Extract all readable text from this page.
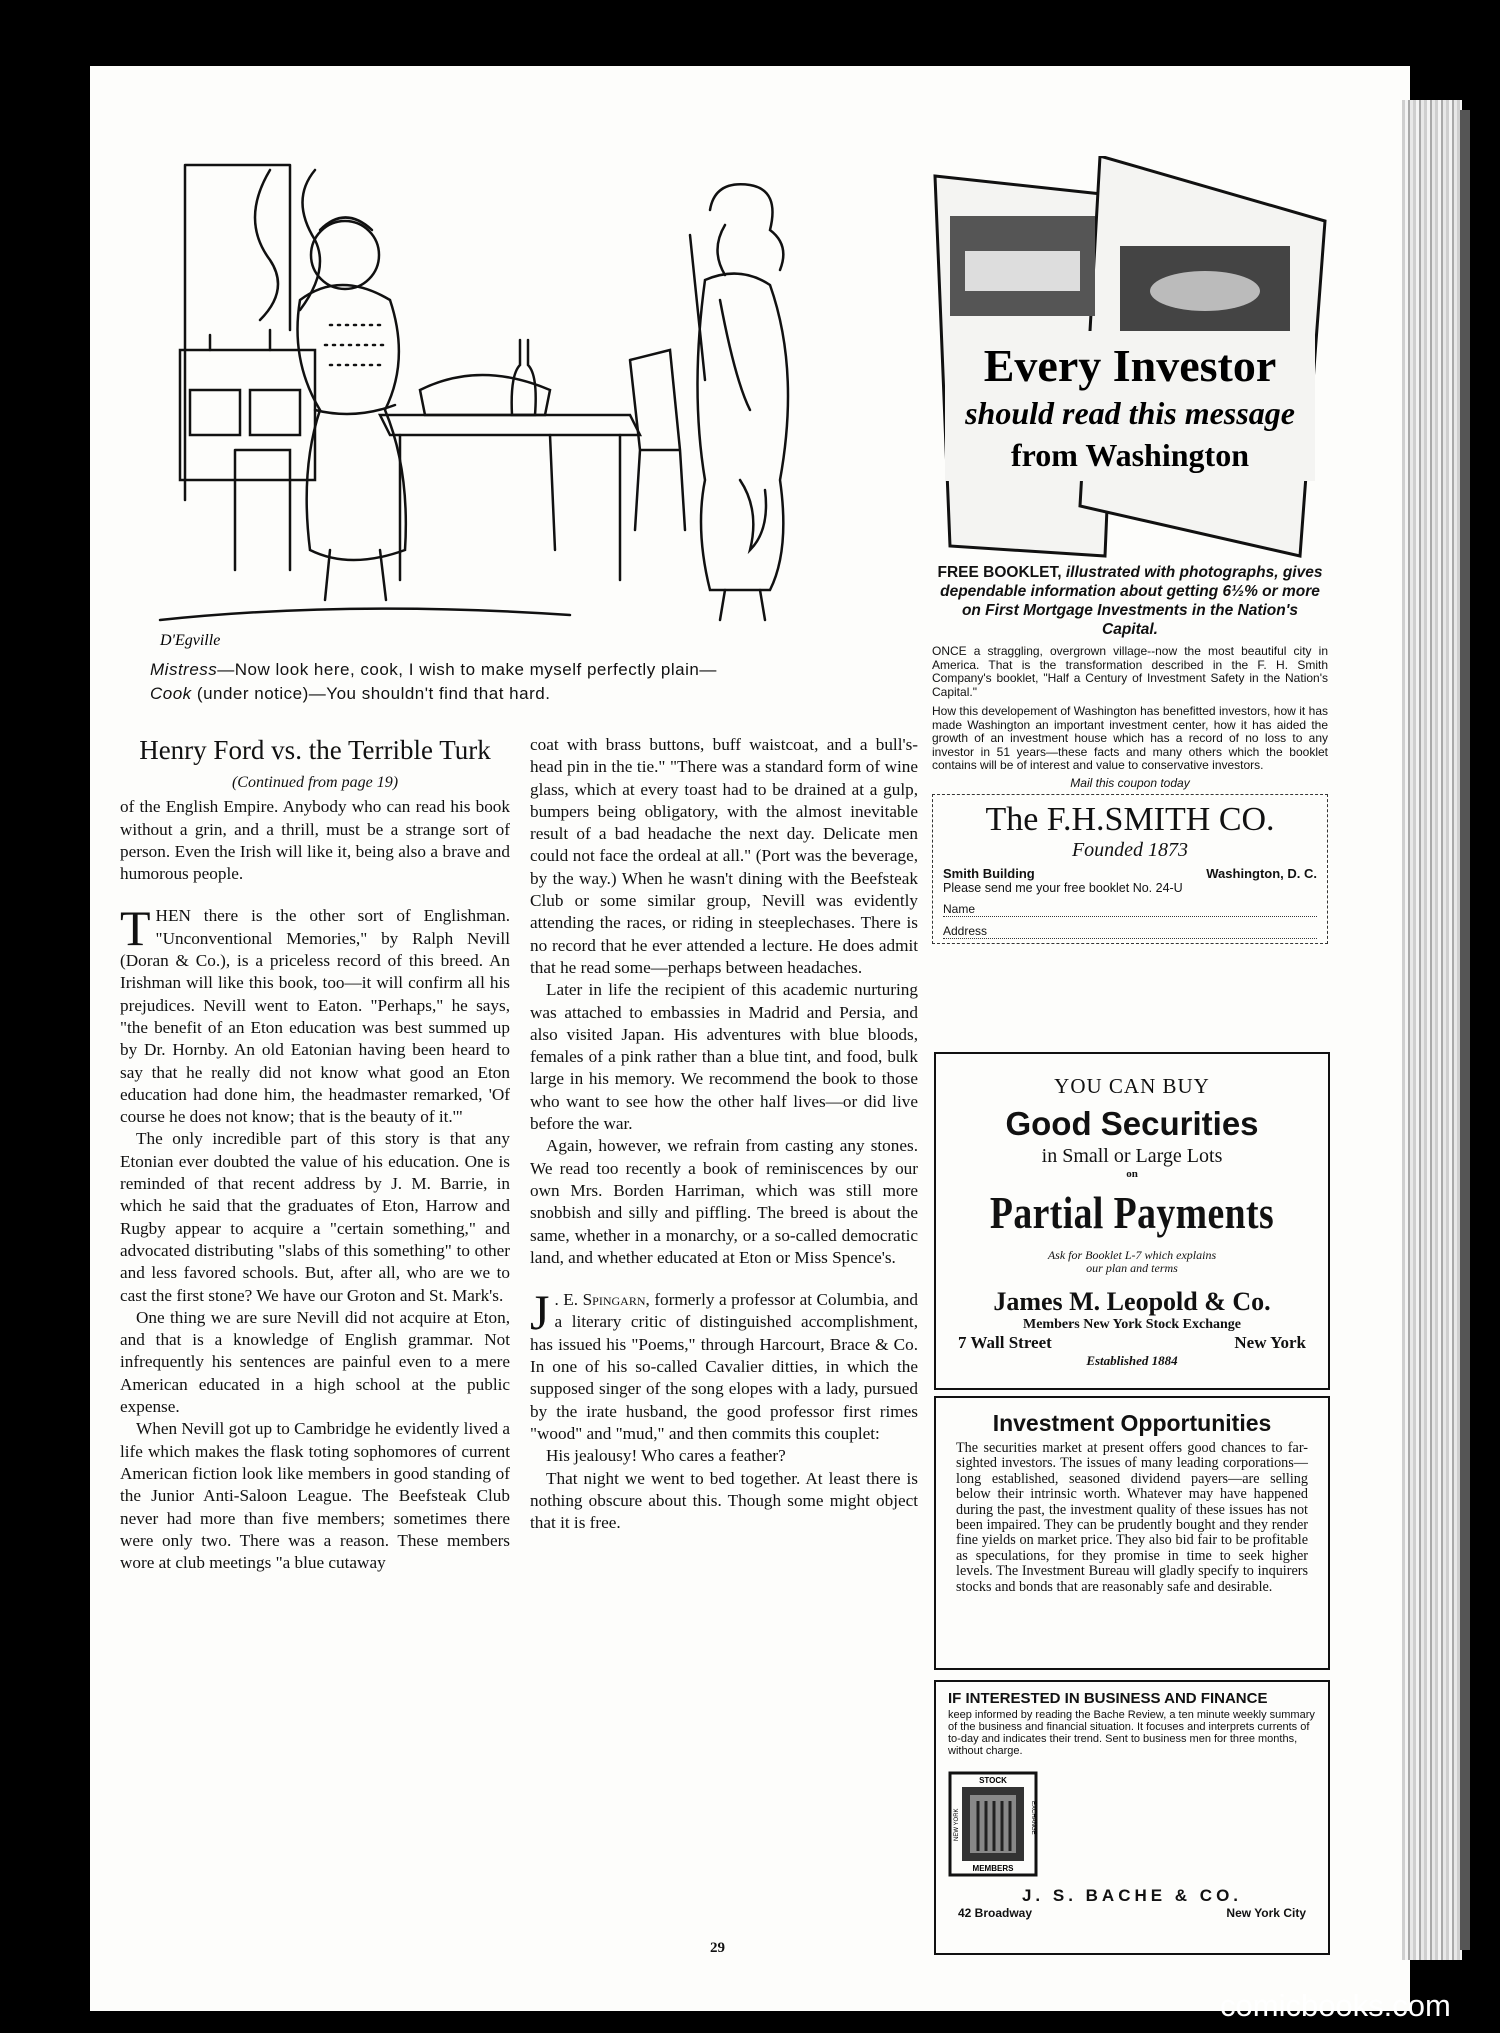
D'Egville
Mistress—Now look here, cook, I wish to make myself perfectly plain—
Cook (under notice)—You shouldn't find that hard.
Henry Ford vs. the Terrible Turk
(Continued from page 19)

of the English Empire. Anybody who can read his book without a grin, and a thrill, must be a strange sort of person. Even the Irish will like it, being also a brave and humorous people.

THEN there is the other sort of Englishman. "Unconventional Memories," by Ralph Nevill (Doran & Co.), is a priceless record of this breed. An Irishman will like this book, too—it will confirm all his prejudices. Nevill went to Eaton. "Perhaps," he says, "the benefit of an Eton education was best summed up by Dr. Hornby. An old Eatonian having been heard to say that he really did not know what good an Eton education had done him, the headmaster remarked, 'Of course he does not know; that is the beauty of it.'"

The only incredible part of this story is that any Etonian ever doubted the value of his education. One is reminded of that recent address by J. M. Barrie, in which he said that the graduates of Eton, Harrow and Rugby appear to acquire a "certain something," and advocated distributing "slabs of this something" to other and less favored schools. But, after all, who are we to cast the first stone? We have our Groton and St. Mark's.

One thing we are sure Nevill did not acquire at Eton, and that is a knowledge of English grammar. Not infrequently his sentences are painful even to a mere American educated in a high school at the public expense.

When Nevill got up to Cambridge he evidently lived a life which makes the flask toting sophomores of current American fiction look like members in good standing of the Junior Anti-Saloon League. The Beefsteak Club never had more than five members; sometimes there were only two. There was a reason. These members wore at club meetings "a blue cutaway

coat with brass buttons, buff waistcoat, and a bull's-head pin in the tie." "There was a standard form of wine glass, which at every toast had to be drained at a gulp, bumpers being obligatory, with the almost inevitable result of a bad headache the next day. Delicate men could not face the ordeal at all." (Port was the beverage, by the way.) When he wasn't dining with the Beefsteak Club or some similar group, Nevill was evidently attending the races, or riding in steeplechases. There is no record that he ever attended a lecture. He does admit that he read some—perhaps between headaches.

Later in life the recipient of this academic nurturing was attached to embassies in Madrid and Persia, and also visited Japan. His adventures with blue bloods, females of a pink rather than a blue tint, and food, bulk large in his memory. We recommend the book to those who want to see how the other half lives—or did live before the war.

Again, however, we refrain from casting any stones. We read too recently a book of reminiscences by our own Mrs. Borden Harriman, which was still more snobbish and silly and piffling. The breed is about the same, whether in a monarchy, or a so-called democratic land, and whether educated at Eton or Miss Spence's.

J . E. Spingarn, formerly a professor at Columbia, and a literary critic of distinguished accomplishment, has issued his "Poems," through Harcourt, Brace & Co. In one of his so-called Cavalier ditties, in which the supposed singer of the song elopes with a lady, pursued by the irate husband, the good professor first rimes "wood" and "mud," and then commits this couplet:

His jealousy! Who cares a feather?

That night we went to bed together. At least there is nothing obscure about this. Though some might object that it is free.

29
Every Investor
should read this message
from Washington
FREE BOOKLET, illustrated with photographs, gives dependable information about getting 6½% or more on First Mortgage Investments in the Nation's Capital.
ONCE a straggling, overgrown village--now the most beautiful city in America. That is the transformation described in the F. H. Smith Company's booklet, "Half a Century of Investment Safety in the Nation's Capital."
How this developement of Washington has benefitted investors, how it has made Washington an important investment center, how it has aided the growth of an investment house which has a record of no loss to any investor in 51 years—these facts and many others which the booklet contains will be of interest and value to conservative investors.
Mail this coupon today
The F.H.SMITH CO.
Founded 1873
Smith Building	Washington, D. C.
Please send me your free booklet No. 24-U
Name
Address
YOU CAN BUY
Good Securities
in Small or Large Lots
on
Partial Payments
Ask for Booklet L-7 which explains
our plan and terms
James M. Leopold & Co.
Members New York Stock Exchange
7 Wall Street	New York
Established 1884
Investment Opportunities
The securities market at present offers good chances to far-sighted investors. The issues of many leading corporations—long established, seasoned dividend payers—are selling below their intrinsic worth. Whatever may have happened during the past, the investment quality of these issues has not been impaired. They can be prudently bought and they render fine yields on market price. They also bid fair to be profitable as speculations, for they promise in time to seek higher levels. The Investment Bureau will gladly specify to inquirers stocks and bonds that are reasonably safe and desirable.
IF INTERESTED IN BUSINESS AND FINANCE
keep informed by reading the Bache Review, a ten minute weekly summary of the business and financial situation. It focuses and interprets currents of to-day and indicates their trend. Sent to business men for three months, without charge.
STOCK
MEMBERS
NEW YORK	EXCHANGE
J. S. BACHE & CO.
42 Broadway	New York City
comicbooks.com
